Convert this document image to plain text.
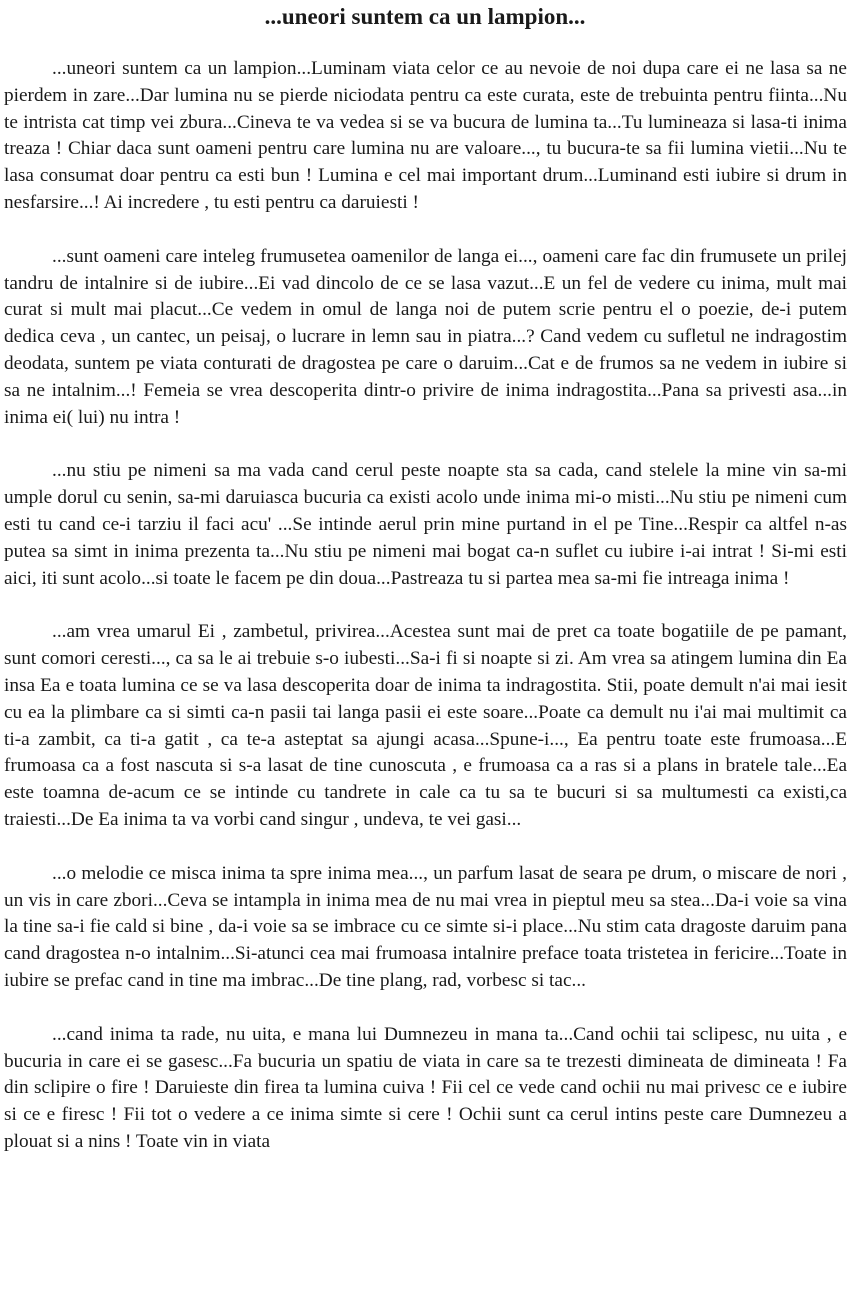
...uneori suntem ca un lampion...

...uneori suntem ca un lampion...Luminam viata celor ce au nevoie de noi dupa care ei ne lasa sa ne pierdem in zare...Dar lumina nu se pierde niciodata pentru ca este curata, este de trebuinta pentru fiinta...Nu te intrista cat timp vei zbura...Cineva te va vedea si se va bucura de lumina ta...Tu lumineaza si lasa-ti inima treaza ! Chiar daca sunt oameni pentru care lumina nu are valoare..., tu bucura-te sa fii lumina vietii...Nu te lasa consumat doar pentru ca esti bun ! Lumina e cel mai important drum...Luminand esti iubire si drum in nesfarsire...! Ai incredere , tu esti pentru ca daruiesti !

...sunt oameni care inteleg frumusetea oamenilor de langa ei..., oameni care fac din frumusete un prilej tandru de intalnire si de iubire...Ei vad dincolo de ce se lasa vazut...E un fel de vedere cu inima, mult mai curat si mult mai placut...Ce vedem in omul de langa noi de putem scrie pentru el o poezie, de-i putem dedica ceva , un cantec, un peisaj, o lucrare in lemn sau in piatra...? Cand vedem cu sufletul ne indragostim deodata, suntem pe viata conturati de dragostea pe care o daruim...Cat e de frumos sa ne vedem in iubire si sa ne intalnim...! Femeia se vrea descoperita dintr-o privire de inima indragostita...Pana sa privesti asa...in inima ei( lui) nu intra !

...nu stiu pe nimeni sa ma vada cand cerul peste noapte sta sa cada, cand stelele la mine vin sa-mi umple dorul cu senin, sa-mi daruiasca bucuria ca existi acolo unde inima mi-o misti...Nu stiu pe nimeni cum esti tu cand ce-i tarziu il faci acu' ...Se intinde aerul prin mine purtand in el pe Tine...Respir ca altfel n-as putea sa simt in inima prezenta ta...Nu stiu pe nimeni mai bogat ca-n suflet cu iubire i-ai intrat ! Si-mi esti aici, iti sunt acolo...si toate le facem pe din doua...Pastreaza tu si partea mea sa-mi fie intreaga inima !

...am vrea umarul Ei , zambetul, privirea...Acestea sunt mai de pret ca toate bogatiile de pe pamant, sunt comori ceresti..., ca sa le ai trebuie s-o iubesti...Sa-i fi si noapte si zi. Am vrea sa atingem lumina din Ea insa Ea e toata lumina ce se va lasa descoperita doar de inima ta indragostita. Stii, poate demult n'ai mai iesit cu ea la plimbare ca si simti ca-n pasii tai langa pasii ei este soare...Poate ca demult nu i'ai mai multimit ca ti-a zambit, ca ti-a gatit , ca te-a asteptat sa ajungi acasa...Spune-i..., Ea pentru toate este frumoasa...E frumoasa ca a fost nascuta si s-a lasat de tine cunoscuta , e frumoasa ca a ras si a plans in bratele tale...Ea este toamna de-acum ce se intinde cu tandrete in cale ca tu sa te bucuri si sa multumesti ca existi,ca traiesti...De Ea inima ta va vorbi cand singur , undeva, te vei gasi...

...o melodie ce misca inima ta spre inima mea..., un parfum lasat de seara pe drum, o miscare de nori , un vis in care zbori...Ceva se intampla in inima mea de nu mai vrea in pieptul meu sa stea...Da-i voie sa vina la tine sa-i fie cald si bine , da-i voie sa se imbrace cu ce simte si-i place...Nu stim cata dragoste daruim pana cand dragostea n-o intalnim...Si-atunci cea mai frumoasa intalnire preface toata tristetea in fericire...Toate in iubire se prefac cand in tine ma imbrac...De tine plang, rad, vorbesc si tac...

...cand inima ta rade, nu uita, e mana lui Dumnezeu in mana ta...Cand ochii tai sclipesc, nu uita , e bucuria in care ei se gasesc...Fa bucuria un spatiu de viata in care sa te trezesti dimineata de dimineata ! Fa din sclipire o fire ! Daruieste din firea ta lumina cuiva ! Fii cel ce vede cand ochii nu mai privesc ce e iubire si ce e firesc ! Fii tot o vedere a ce inima simte si cere ! Ochii sunt ca cerul intins peste care Dumnezeu a plouat si a nins ! Toate vin in viata
